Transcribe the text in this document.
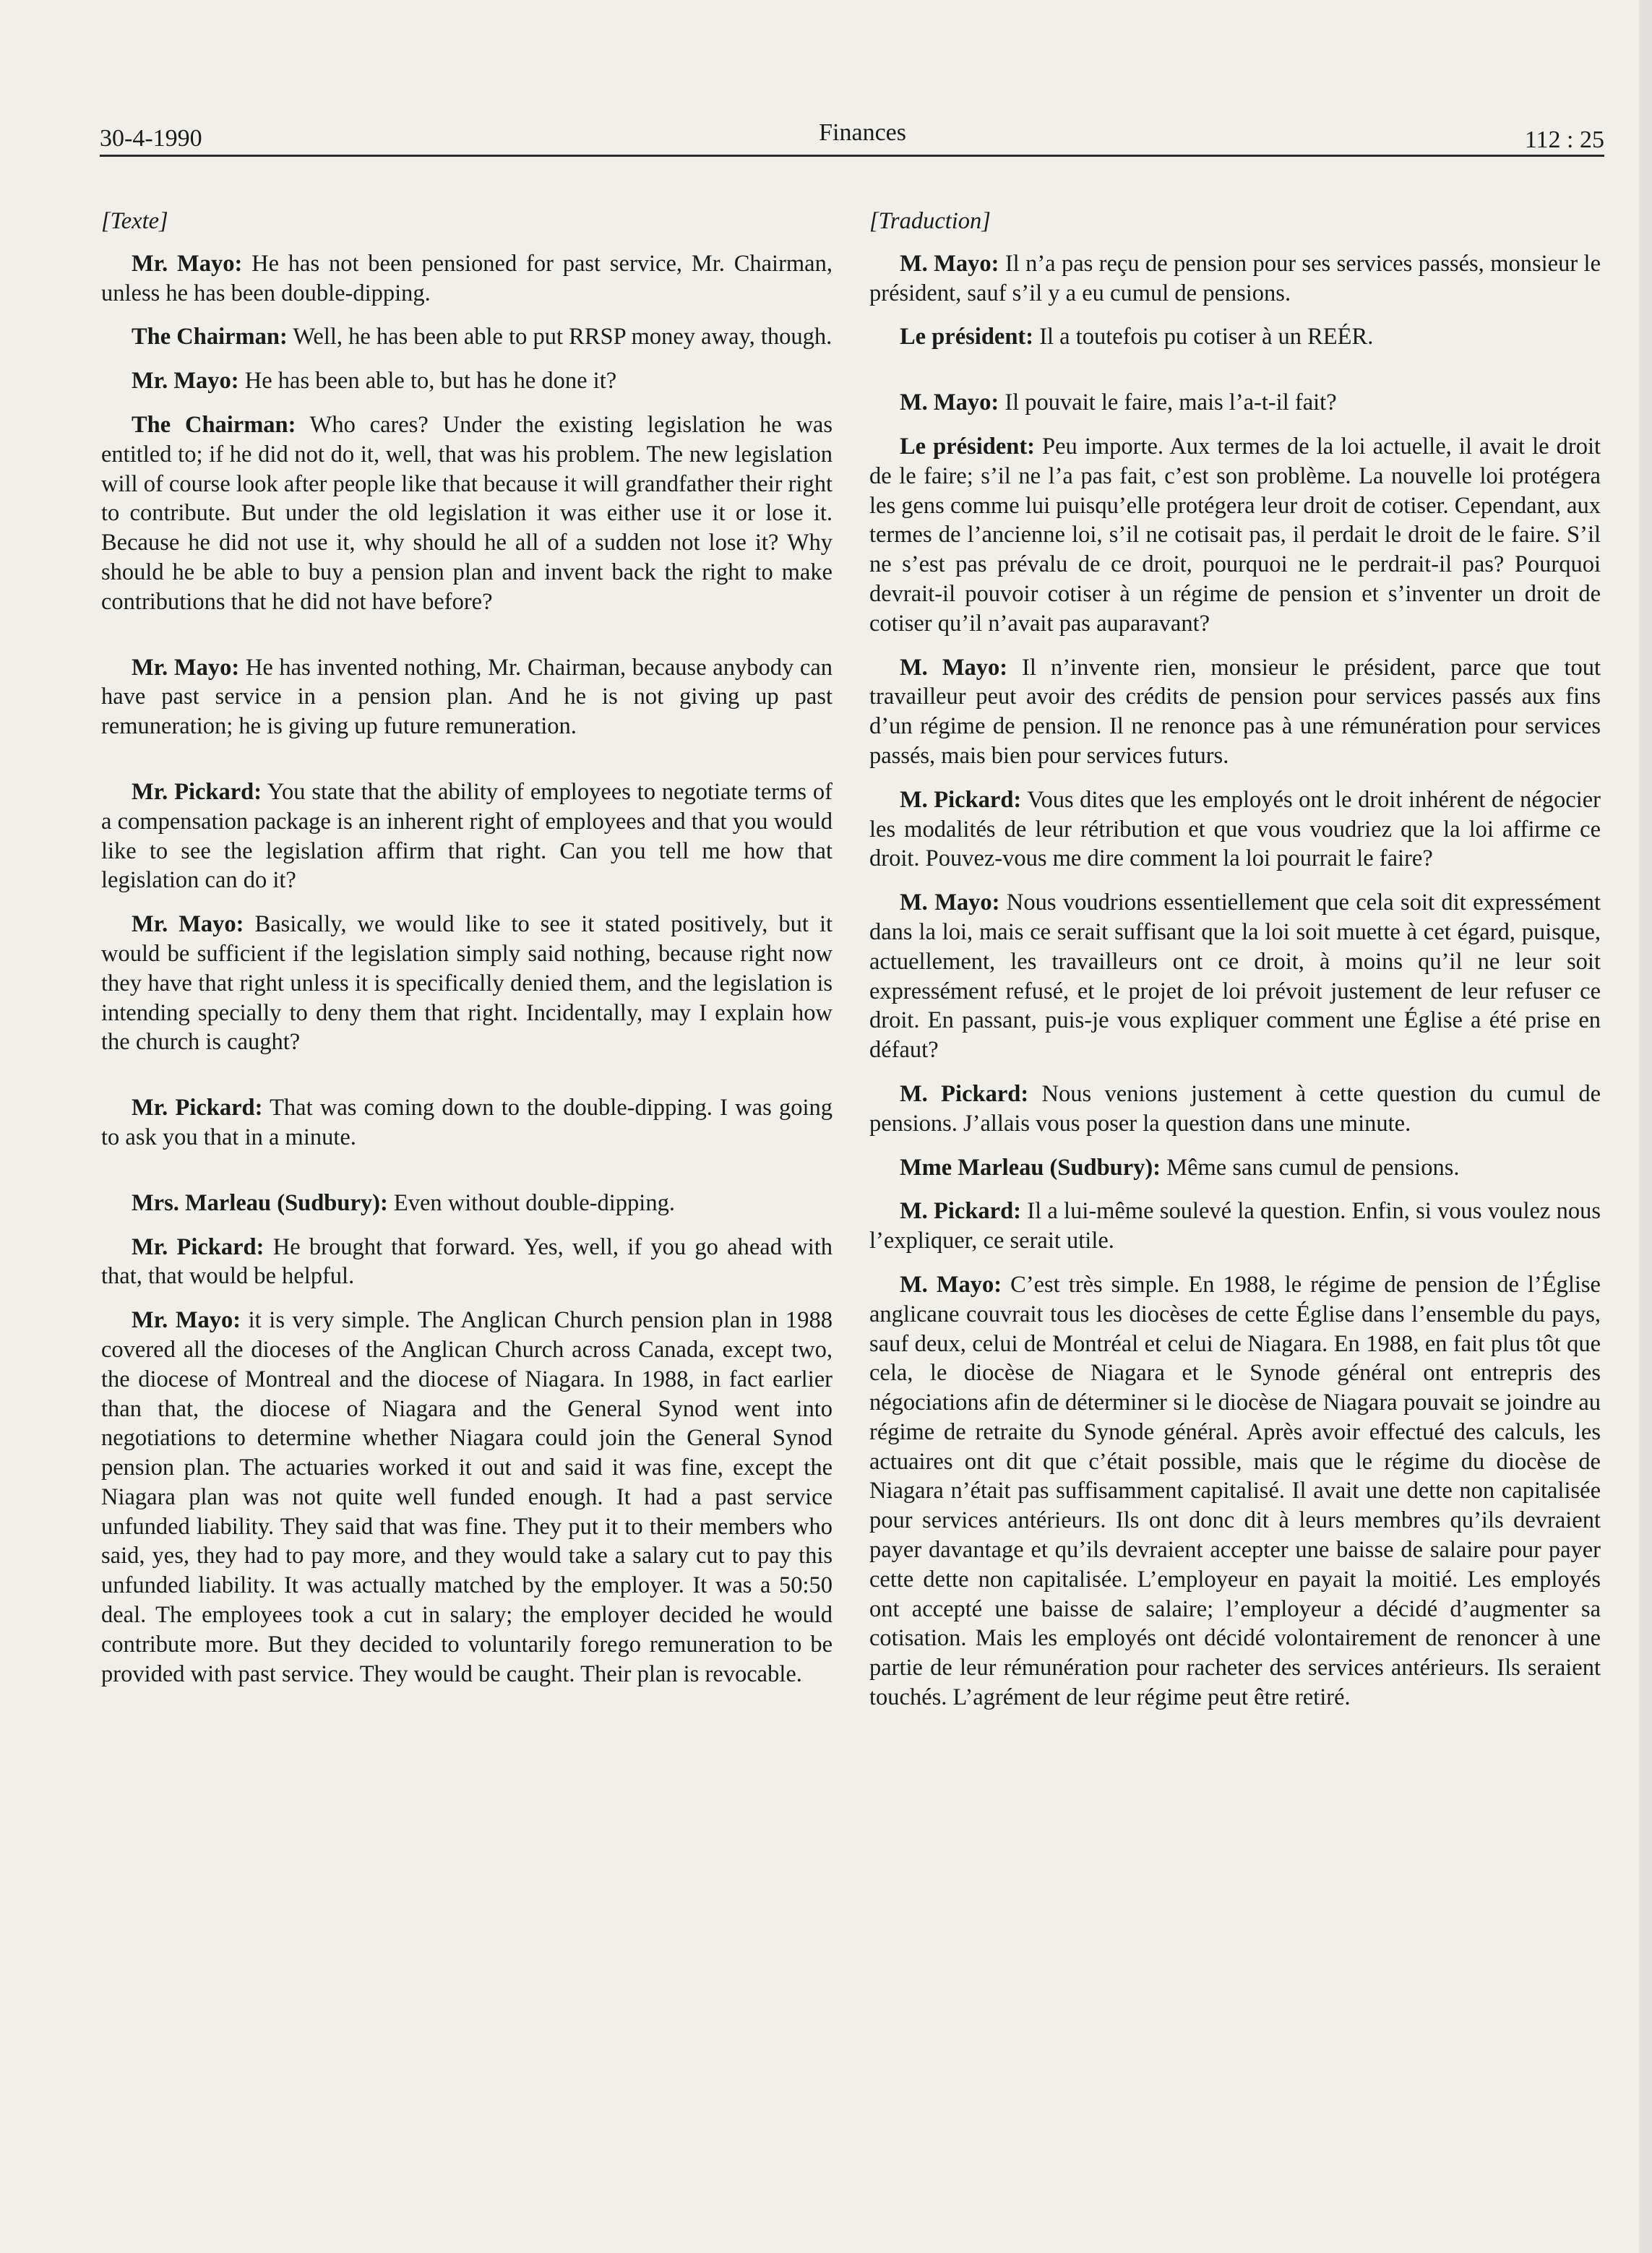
30-4-1990	Finances	112 : 25
[Texte]

Mr. Mayo: He has not been pensioned for past service, Mr. Chairman, unless he has been double-dipping.

The Chairman: Well, he has been able to put RRSP money away, though.

Mr. Mayo: He has been able to, but has he done it?

The Chairman: Who cares? Under the existing legislation he was entitled to; if he did not do it, well, that was his problem. The new legislation will of course look after people like that because it will grandfather their right to contribute. But under the old legislation it was either use it or lose it. Because he did not use it, why should he all of a sudden not lose it? Why should he be able to buy a pension plan and invent back the right to make contributions that he did not have before?

Mr. Mayo: He has invented nothing, Mr. Chairman, because anybody can have past service in a pension plan. And he is not giving up past remuneration; he is giving up future remuneration.

Mr. Pickard: You state that the ability of employees to negotiate terms of a compensation package is an inherent right of employees and that you would like to see the legislation affirm that right. Can you tell me how that legislation can do it?

Mr. Mayo: Basically, we would like to see it stated positively, but it would be sufficient if the legislation simply said nothing, because right now they have that right unless it is specifically denied them, and the legislation is intending specially to deny them that right. Incidentally, may I explain how the church is caught?

Mr. Pickard: That was coming down to the double-dipping. I was going to ask you that in a minute.

Mrs. Marleau (Sudbury): Even without double-dipping.

Mr. Pickard: He brought that forward. Yes, well, if you go ahead with that, that would be helpful.

Mr. Mayo: it is very simple. The Anglican Church pension plan in 1988 covered all the dioceses of the Anglican Church across Canada, except two, the diocese of Montreal and the diocese of Niagara. In 1988, in fact earlier than that, the diocese of Niagara and the General Synod went into negotiations to determine whether Niagara could join the General Synod pension plan. The actuaries worked it out and said it was fine, except the Niagara plan was not quite well funded enough. It had a past service unfunded liability. They said that was fine. They put it to their members who said, yes, they had to pay more, and they would take a salary cut to pay this unfunded liability. It was actually matched by the employer. It was a 50:50 deal. The employees took a cut in salary; the employer decided he would contribute more. But they decided to voluntarily forego remuneration to be provided with past service. They would be caught. Their plan is revocable.

[Traduction]

M. Mayo: Il n’a pas reçu de pension pour ses services passés, monsieur le président, sauf s’il y a eu cumul de pensions.

Le président: Il a toutefois pu cotiser à un REÉR.

M. Mayo: Il pouvait le faire, mais l’a-t-il fait?

Le président: Peu importe. Aux termes de la loi actuelle, il avait le droit de le faire; s’il ne l’a pas fait, c’est son problème. La nouvelle loi protégera les gens comme lui puisqu’elle protégera leur droit de cotiser. Cependant, aux termes de l’ancienne loi, s’il ne cotisait pas, il perdait le droit de le faire. S’il ne s’est pas prévalu de ce droit, pourquoi ne le perdrait-il pas? Pourquoi devrait-il pouvoir cotiser à un régime de pension et s’inventer un droit de cotiser qu’il n’avait pas auparavant?

M. Mayo: Il n’invente rien, monsieur le président, parce que tout travailleur peut avoir des crédits de pension pour services passés aux fins d’un régime de pension. Il ne renonce pas à une rémunération pour services passés, mais bien pour services futurs.

M. Pickard: Vous dites que les employés ont le droit inhérent de négocier les modalités de leur rétribution et que vous voudriez que la loi affirme ce droit. Pouvez-vous me dire comment la loi pourrait le faire?

M. Mayo: Nous voudrions essentiellement que cela soit dit expressément dans la loi, mais ce serait suffisant que la loi soit muette à cet égard, puisque, actuellement, les travailleurs ont ce droit, à moins qu’il ne leur soit expressément refusé, et le projet de loi prévoit justement de leur refuser ce droit. En passant, puis-je vous expliquer comment une Église a été prise en défaut?

M. Pickard: Nous venions justement à cette question du cumul de pensions. J’allais vous poser la question dans une minute.

Mme Marleau (Sudbury): Même sans cumul de pensions.

M. Pickard: Il a lui-même soulevé la question. Enfin, si vous voulez nous l’expliquer, ce serait utile.

M. Mayo: C’est très simple. En 1988, le régime de pension de l’Église anglicane couvrait tous les diocèses de cette Église dans l’ensemble du pays, sauf deux, celui de Montréal et celui de Niagara. En 1988, en fait plus tôt que cela, le diocèse de Niagara et le Synode général ont entrepris des négociations afin de déterminer si le diocèse de Niagara pouvait se joindre au régime de retraite du Synode général. Après avoir effectué des calculs, les actuaires ont dit que c’était possible, mais que le régime du diocèse de Niagara n’était pas suffisamment capitalisé. Il avait une dette non capitalisée pour services antérieurs. Ils ont donc dit à leurs membres qu’ils devraient payer davantage et qu’ils devraient accepter une baisse de salaire pour payer cette dette non capitalisée. L’employeur en payait la moitié. Les employés ont accepté une baisse de salaire; l’employeur a décidé d’augmenter sa cotisation. Mais les employés ont décidé volontairement de renoncer à une partie de leur rémunération pour racheter des services antérieurs. Ils seraient touchés. L’agrément de leur régime peut être retiré.
